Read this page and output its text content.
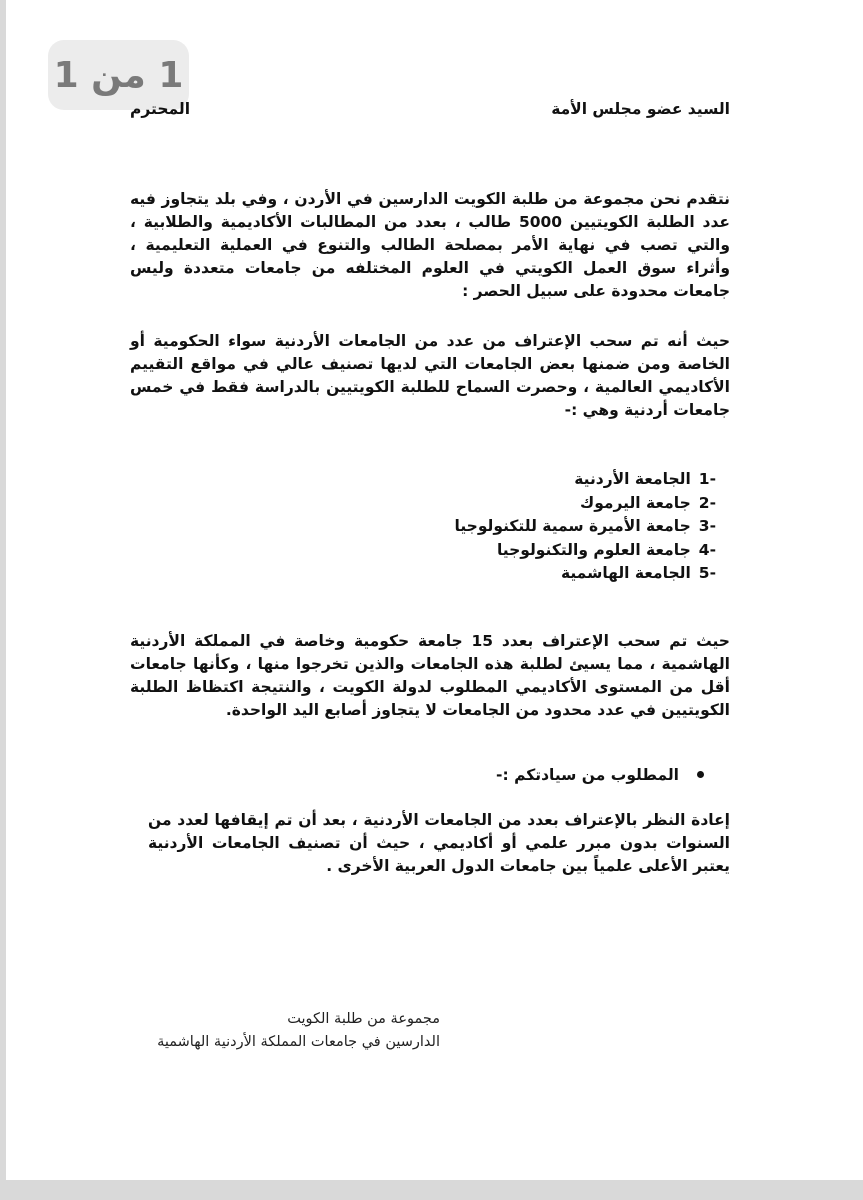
1 من 1
السيد عضو مجلس الأمة
المحترم

نتقدم نحن مجموعة من طلبة الكويت الدارسين في الأردن ، وفي بلد يتجاوز فيه عدد الطلبة الكويتيين 5000 طالب ، بعدد من المطالبات الأكاديمية والطلابية ، والتي تصب في نهاية الأمر بمصلحة الطالب والتنوع في العملية التعليمية ، وأثراء سوق العمل الكويتي في العلوم المختلفه من جامعات متعددة وليس جامعات محدودة على سبيل الحصر :

حيث أنه تم سحب الإعتراف من عدد من الجامعات الأردنية سواء الحكومية أو الخاصة ومن ضمنها بعض الجامعات التي لديها تصنيف عالي في مواقع التقييم الأكاديمي العالمية ، وحصرت السماح للطلبة الكويتيين بالدراسة فقط في خمس جامعات أردنية وهي :-

-1
الجامعة الأردنية
-2
جامعة اليرموك
-3
جامعة الأميرة سمية للتكنولوجيا
-4
جامعة العلوم والتكنولوجيا
-5
الجامعة الهاشمية

حيث تم سحب الإعتراف بعدد 15 جامعة حكومية وخاصة في المملكة الأردنية الهاشمية ، مما يسيئ لطلبة هذه الجامعات والذين تخرجوا منها ، وكأنها جامعات أقل من المستوى الأكاديمي المطلوب لدولة الكويت ، والنتيجة اكتظاظ الطلبة الكويتيين في عدد محدود من الجامعات لا يتجاوز أصابع اليد الواحدة.

المطلوب من سيادتكم :-

إعادة النظر بالإعتراف بعدد من الجامعات الأردنية ، بعد أن تم إيقافها لعدد من السنوات بدون مبرر علمي أو أكاديمي ، حيث أن تصنيف الجامعات الأردنية يعتبر الأعلى علمياً بين جامعات الدول العربية الأخرى .

مجموعة من طلبة الكويت
الدارسين في جامعات المملكة الأردنية الهاشمية
